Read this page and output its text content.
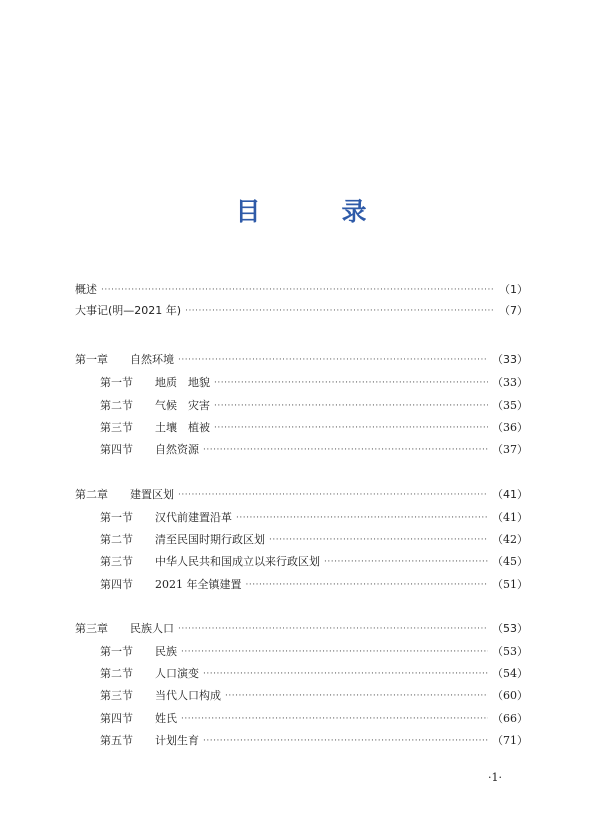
目　录
概述 ·····	（1）
大事记(明—2021 年) ·····	（7）
第一章 自然环境 ·····	（33）
第一节 地质　地貌 ·····	（33）
第二节 气候　灾害 ·····	（35）
第三节 土壤　植被 ·····	（36）
第四节 自然资源 ·····	（37）
第二章 建置区划 ·····	（41）
第一节 汉代前建置沿革 ·····	（41）
第二节 清至民国时期行政区划 ·····	（42）
第三节 中华人民共和国成立以来行政区划 ·····	（45）
第四节 2021 年全镇建置 ·····	（51）
第三章 民族人口 ·····	（53）
第一节 民族 ·····	（53）
第二节 人口演变 ·····	（54）
第三节 当代人口构成 ·····	（60）
第四节 姓氏 ·····	（66）
第五节 计划生育 ·····	（71）
·1·
